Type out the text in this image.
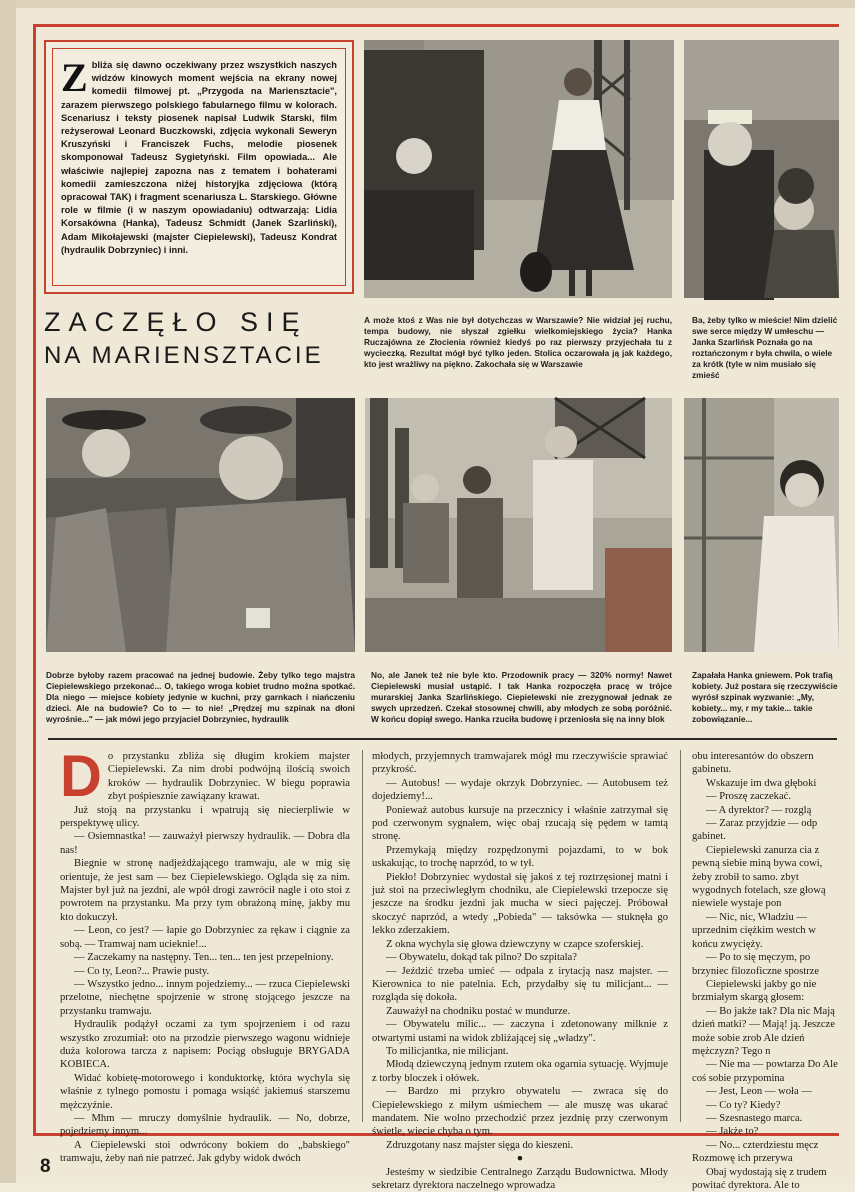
Zbliża się dawno oczekiwany przez wszystkich naszych widzów kinowych moment wejścia na ekrany nowej komedii filmowej pt. „Przygoda na Mariensztacie", zarazem pierwszego polskiego fabularnego filmu w kolorach. Scenariusz i teksty piosenek napisał Ludwik Starski, film reżyserował Leonard Buczkowski, zdjęcia wykonali Seweryn Kruszyński i Franciszek Fuchs, melodie piosenek skomponował Tadeusz Sygietyński. Film opowiada... Ale właściwie najlepiej zapozna nas z tematem i bohaterami komedii zamieszczona niżej historyjka zdjęciowa (którą opracował TAK) i fragment scenariusza L. Starskiego. Główne role w filmie (i w naszym opowiadaniu) odtwarzają: Lidia Korsakówna (Hanka), Tadeusz Schmidt (Janek Szarliński), Adam Mikołajewski (majster Ciepielewski), Tadeusz Kondrat (hydraulik Dobrzyniec) i inni.
ZACZĘŁO SIĘ
NA MARIENSZTACIE
A może ktoś z Was nie był dotychczas w Warszawie? Nie widział jej ruchu, tempa budowy, nie słyszał zgiełku wielkomiejskiego życia? Hanka Ruczajówna ze Złocienia również kiedyś po raz pierwszy przyjechała tu z wycieczką. Rezultat mógł być tylko jeden. Stolica oczarowała ją jak każdego, kto jest wrażliwy na piękno. Zakochała się w Warszawie
Ba, żeby tylko w mieście! Nim dzielić swe serce między W umłeschu — Janka Szarlińsk Poznała go na roztańczonym r była chwila, o wiele za krótk (tyle w nim musiało się zmieść
Dobrze byłoby razem pracować na jednej budowie. Żeby tylko tego majstra Ciepielewskiego przekonać... O, takiego wroga kobiet trudno można spotkać. Dla niego — miejsce kobiety jedynie w kuchni, przy garnkach i niańczeniu dzieci. Ale na budowie? Co to — to nie! „Prędzej mu szpinak na dłoni wyrośnie..." — jak mówi jego przyjaciel Dobrzyniec, hydraulik
No, ale Janek też nie byle kto. Przodownik pracy — 320% normy! Nawet Ciepielewski musiał ustąpić. I tak Hanka rozpoczęła pracę w trójce murarskiej Janka Szarlińskiego. Ciepielewski nie zrezygnował jednak ze swych uprzedzeń. Czekał stosownej chwili, aby młodych ze sobą poróżnić. W końcu dopiął swego. Hanka rzuciła budowę i przeniosła się na inny blok
Zapałała Hanka gniewem. Pok trafią kobiety. Już postara się rzeczywiście wyrósł szpinak wyzwanie: „My, kobiety... my, r my takie... takie zobowiązanie...
D o przystanku zbliża się długim krokiem majster Ciepielewski. Za nim drobi podwójną ilością swoich kroków — hydraulik Dobrzyniec. W biegu poprawia zbyt pośpiesznie zawiązany krawat.

Już stoją na przystanku i wpatrują się niecierpliwie w perspektywę ulicy.

— Osiemnastka! — zauważył pierwszy hydraulik. — Dobra dla nas!

Biegnie w stronę nadjeżdżającego tramwaju, ale w mig się orientuje, że jest sam — bez Ciepielewskiego. Ogląda się za nim. Majster był już na jezdni, ale wpół drogi zawrócił nagle i oto stoi z powrotem na przystanku. Ma przy tym obrażoną minę, jakby mu kto dokuczył.

— Leon, co jest? — łapie go Dobrzyniec za rękaw i ciągnie za sobą. — Tramwaj nam ucieknie!...

— Zaczekamy na następny. Ten... ten... ten jest przepełniony.

— Co ty, Leon?... Prawie pusty.

— Wszystko jedno... innym pojedziemy... — rzuca Ciepielewski przelotne, niechętne spojrzenie w stronę stojącego jeszcze na przystanku tramwaju.

Hydraulik podążył oczami za tym spojrzeniem i od razu wszystko zrozumiał: oto na przodzie pierwszego wagonu widnieje duża kolorowa tarcza z napisem: Pociąg obsługuje BRYGADA KOBIECA.

Widać kobietę-motorowego i konduktorkę, która wychyla się właśnie z tylnego pomostu i pomaga wsiąść jakiemuś starszemu mężczyźnie.

— Mhm — mruczy domyślnie hydraulik. — No, dobrze, pojedziemy innym...

A Ciepielewski stoi odwrócony bokiem do „babskiego" tramwaju, żeby nań nie patrzeć. Jak gdyby widok dwóch

młodych, przyjemnych tramwajarek mógł mu rzeczywiście sprawiać przykrość.

— Autobus! — wydaje okrzyk Dobrzyniec. — Autobusem też dojedziemy!...

Ponieważ autobus kursuje na przecznicy i właśnie zatrzymał się pod czerwonym sygnałem, więc obaj rzucają się pędem w tamtą stronę.

Przemykają między rozpędzonymi pojazdami, to w bok uskakując, to trochę naprzód, to w tył.

Piekło! Dobrzyniec wydostał się jakoś z tej roztrzęsionej matni i już stoi na przeciwległym chodniku, ale Ciepielewski trzepocze się jeszcze na środku jezdni jak mucha w sieci pajęczej. Próbował skoczyć naprzód, a wtedy „Pobieda" — taksówka — stuknęła go lekko zderzakiem.

Z okna wychyla się głowa dziewczyny w czapce szoferskiej.

— Obywatelu, dokąd tak pilno? Do szpitala?

— Jeździć trzeba umieć — odpala z irytacją nasz majster. — Kierownica to nie patelnia. Ech, przydałby się tu milicjant... — rozgląda się dokoła.

Zauważył na chodniku postać w mundurze.

— Obywatelu milic... — zaczyna i zdetonowany milknie z otwartymi ustami na widok zbliżającej się „władzy".

To milicjantka, nie milicjant.

Młodą dziewczyną jednym rzutem oka ogarnia sytuację. Wyjmuje z torby bloczek i ołówek.

— Bardzo mi przykro obywatelu — zwraca się do Ciepielewskiego z miłym uśmiechem — ale muszę was ukarać mandatem. Nie wolno przechodzić przez jezdnię przy czerwonym świetle, wiecie chyba o tym.

Zdruzgotany nasz majster sięga do kieszeni.

●

Jesteśmy w siedzibie Centralnego Zarządu Budownictwa. Młody sekretarz dyrektora naczelnego wprowadza

obu interesantów do obszern gabinetu.

Wskazuje im dwa głęboki

— Proszę zaczekać.

— A dyrektor? — rozglą

— Zaraz przyjdzie — odp gabinet.

Ciepielewski zanurza cia z pewną siebie miną bywa cowi, żeby zrobił to samo. zbyt wygodnych fotelach, sze głową niewiele wystaje pon

— Nic, nic, Władziu — uprzednim ciężkim westch w końcu zwycięży.

— Po to się męczym, po brzyniec filozoficzne spostrze

Ciepielewski jakby go nie brzmiałym skargą głosem:

— Bo jakże tak? Dla nic Mają dzień matki? — Mają! ją. Jeszcze może sobie zrob Ale dzień mężczyzn? Tego n

— Nie ma — powtarza Do Ale coś sobie przypomina

— Jest, Leon — woła —

— Co ty? Kiedy?

— Szesnastego marca.

— Jakże to?

— No... czterdziestu męcz Rozmowę ich przerywa

Obaj wydostają się z trudem powitać dyrektora. Ale to

8
